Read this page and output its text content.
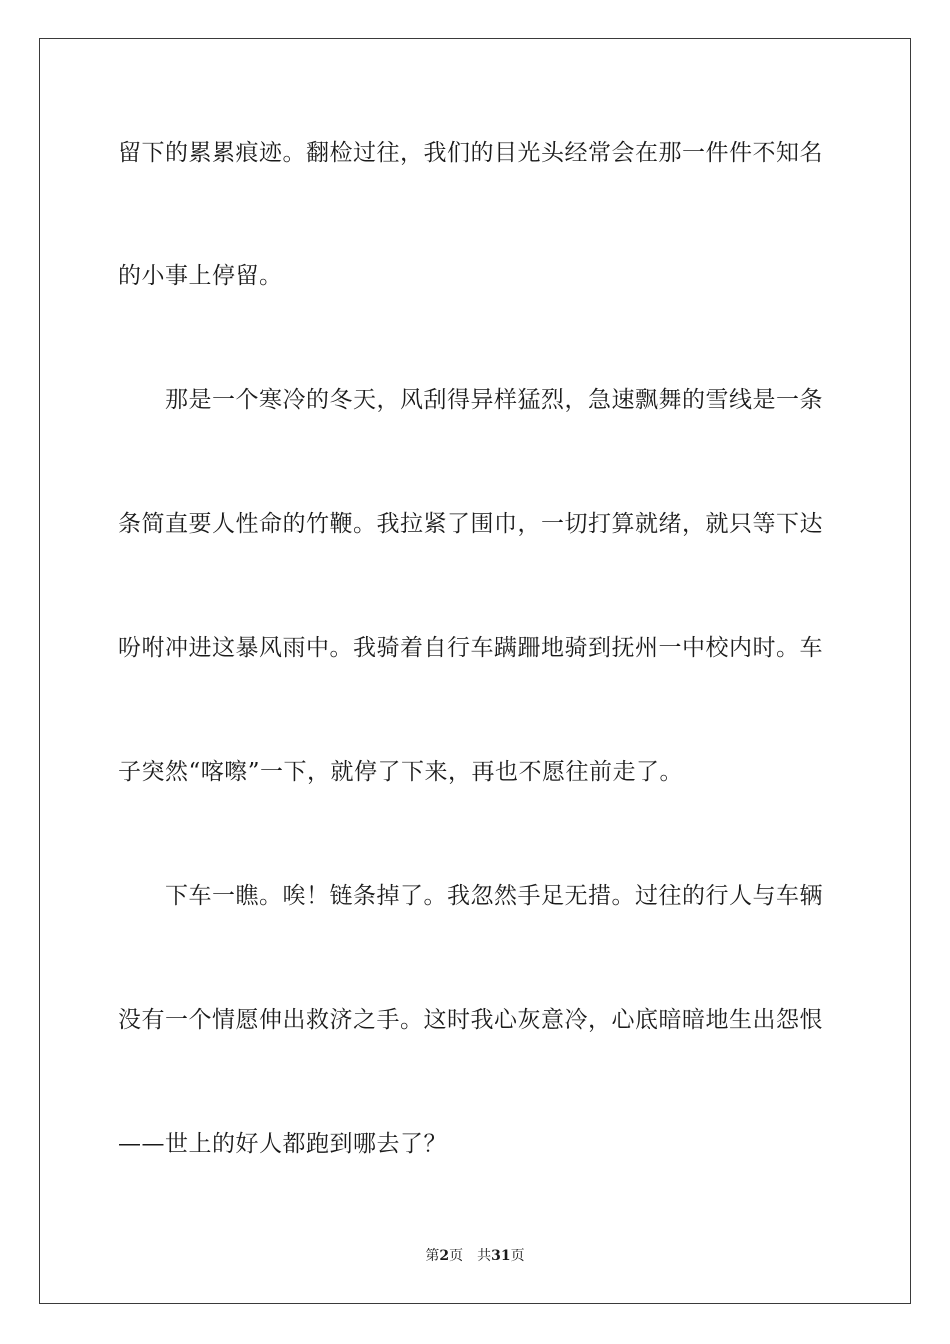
留下的累累痕迹。翻检过往，我们的目光头经常会在那一件件不知名
的小事上停留。
　　那是一个寒冷的冬天，风刮得异样猛烈，急速飘舞的雪线是一条
条简直要人性命的竹鞭。我拉紧了围巾，一切打算就绪，就只等下达
吩咐冲进这暴风雨中。我骑着自行车蹒跚地骑到抚州一中校内时。车
子突然“喀嚓”一下，就停了下来，再也不愿往前走了。
　　下车一瞧。唉！链条掉了。我忽然手足无措。过往的行人与车辆
没有一个情愿伸出救济之手。这时我心灰意冷，心底暗暗地生出怨恨
——世上的好人都跑到哪去了？
第2页 共31页
